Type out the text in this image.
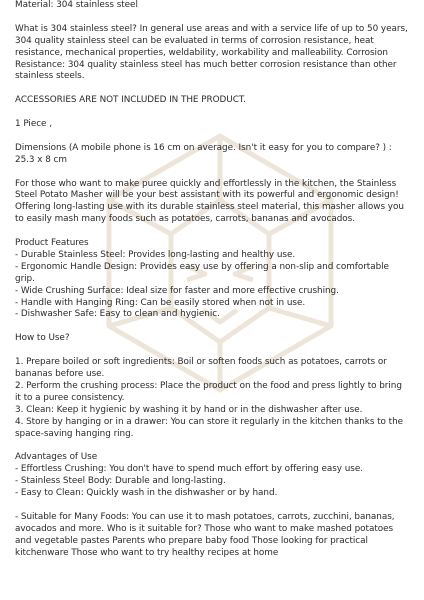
Material: 304 stainless steel

What is 304 stainless steel? In general use areas and with a service life of up to 50 years, 304 quality stainless steel can be evaluated in terms of corrosion resistance, heat resistance, mechanical properties, weldability, workability and malleability. Corrosion Resistance: 304 quality stainless steel has much better corrosion resistance than other stainless steels.

ACCESSORIES ARE NOT INCLUDED IN THE PRODUCT.

1 Piece ,

Dimensions (A mobile phone is 16 cm on average. Isn't it easy for you to compare? ) : 25.3 x 8 cm

For those who want to make puree quickly and effortlessly in the kitchen, the Stainless Steel Potato Masher will be your best assistant with its powerful and ergonomic design! Offering long-lasting use with its durable stainless steel material, this masher allows you to easily mash many foods such as potatoes, carrots, bananas and avocados.

Product Features

- Durable Stainless Steel: Provides long-lasting and healthy use.

- Ergonomic Handle Design: Provides easy use by offering a non-slip and comfortable grip.

- Wide Crushing Surface: Ideal size for faster and more effective crushing.

- Handle with Hanging Ring: Can be easily stored when not in use.

- Dishwasher Safe: Easy to clean and hygienic.

How to Use?

1. Prepare boiled or soft ingredients: Boil or soften foods such as potatoes, carrots or bananas before use.

2. Perform the crushing process: Place the product on the food and press lightly to bring it to a puree consistency.

3. Clean: Keep it hygienic by washing it by hand or in the dishwasher after use.

4. Store by hanging or in a drawer: You can store it regularly in the kitchen thanks to the space-saving hanging ring.

Advantages of Use

- Effortless Crushing: You don't have to spend much effort by offering easy use.

- Stainless Steel Body: Durable and long-lasting.

- Easy to Clean: Quickly wash in the dishwasher or by hand.

- Suitable for Many Foods: You can use it to mash potatoes, carrots, zucchini, bananas, avocados and more. Who is it suitable for? Those who want to make mashed potatoes and vegetable pastes Parents who prepare baby food Those looking for practical kitchenware Those who want to try healthy recipes at home
